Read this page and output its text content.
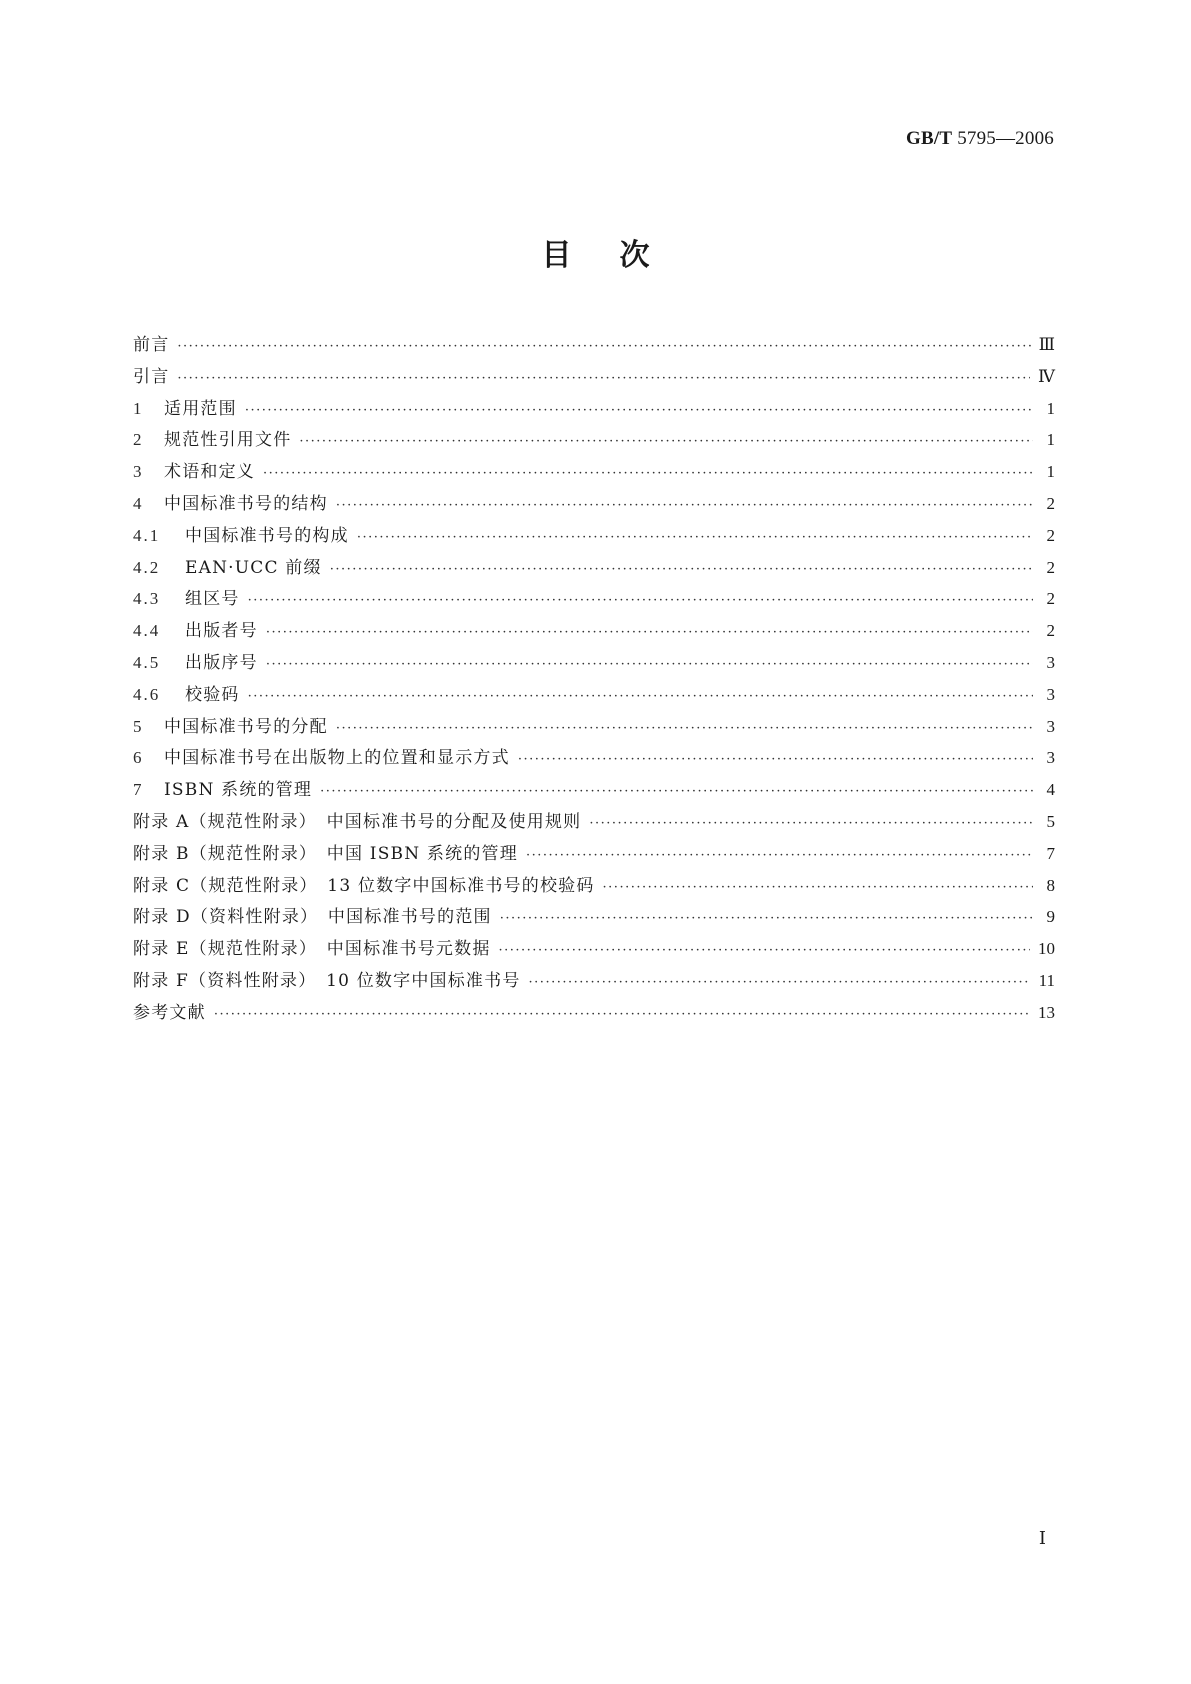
GB/T 5795—2006
目次
前言 ·····	Ⅲ
引言 ·····	Ⅳ
1	适用范围 ·····	1
2	规范性引用文件 ·····	1
3	术语和定义 ·····	1
4	中国标准书号的结构 ·····	2
4.1	中国标准书号的构成 ·····	2
4.2	EAN·UCC 前缀 ·····	2
4.3	组区号 ·····	2
4.4	出版者号 ·····	2
4.5	出版序号 ·····	3
4.6	校验码 ·····	3
5	中国标准书号的分配 ·····	3
6	中国标准书号在出版物上的位置和显示方式 ·····	3
7	ISBN 系统的管理 ·····	4
附录 A（规范性附录）　中国标准书号的分配及使用规则 ·····	5
附录 B（规范性附录）　中国 ISBN 系统的管理 ·····	7
附录 C（规范性附录）　13 位数字中国标准书号的校验码 ·····	8
附录 D（资料性附录）　中国标准书号的范围 ·····	9
附录 E（规范性附录）　中国标准书号元数据 ·····	10
附录 F（资料性附录）　10 位数字中国标准书号 ·····	11
参考文献 ·····	13
Ⅰ
